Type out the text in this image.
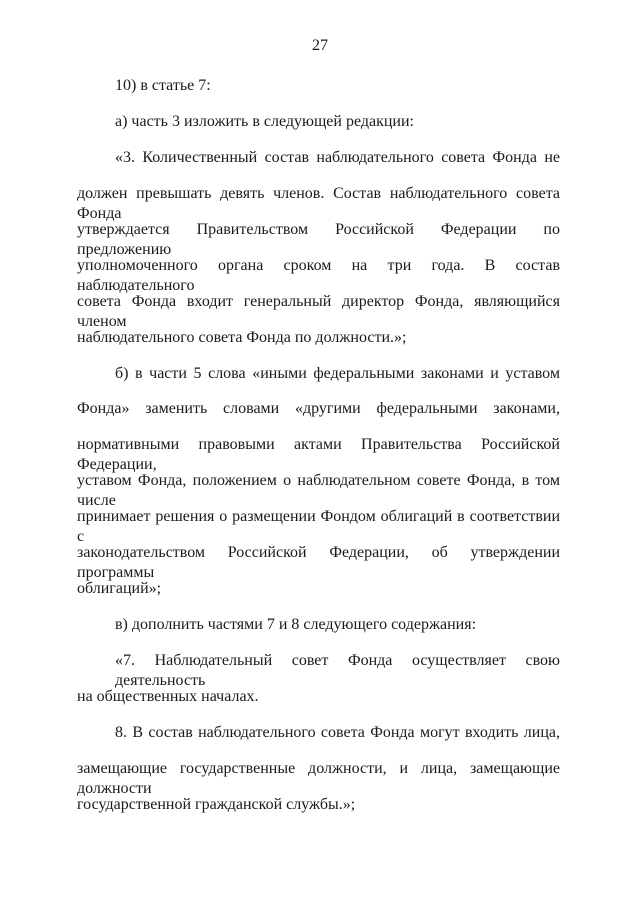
27
10) в статье 7:
а) часть 3 изложить в следующей редакции:
«3. Количественный состав наблюдательного совета Фонда не
должен превышать девять членов. Состав наблюдательного совета Фонда
утверждается Правительством Российской Федерации по предложению
уполномоченного органа сроком на три года. В состав наблюдательного
совета Фонда входит генеральный директор Фонда, являющийся членом
наблюдательного совета Фонда по должности.»;
б) в части 5 слова «иными федеральными законами и уставом
Фонда» заменить словами «другими федеральными законами,
нормативными правовыми актами Правительства Российской Федерации,
уставом Фонда, положением о наблюдательном совете Фонда, в том числе
принимает решения о размещении Фондом облигаций в соответствии с
законодательством Российской Федерации, об утверждении программы
облигаций»;
в) дополнить частями 7 и 8 следующего содержания:
«7. Наблюдательный совет Фонда осуществляет свою деятельность
на общественных началах.
8. В состав наблюдательного совета Фонда могут входить лица,
замещающие государственные должности, и лица, замещающие должности
государственной гражданской службы.»;
